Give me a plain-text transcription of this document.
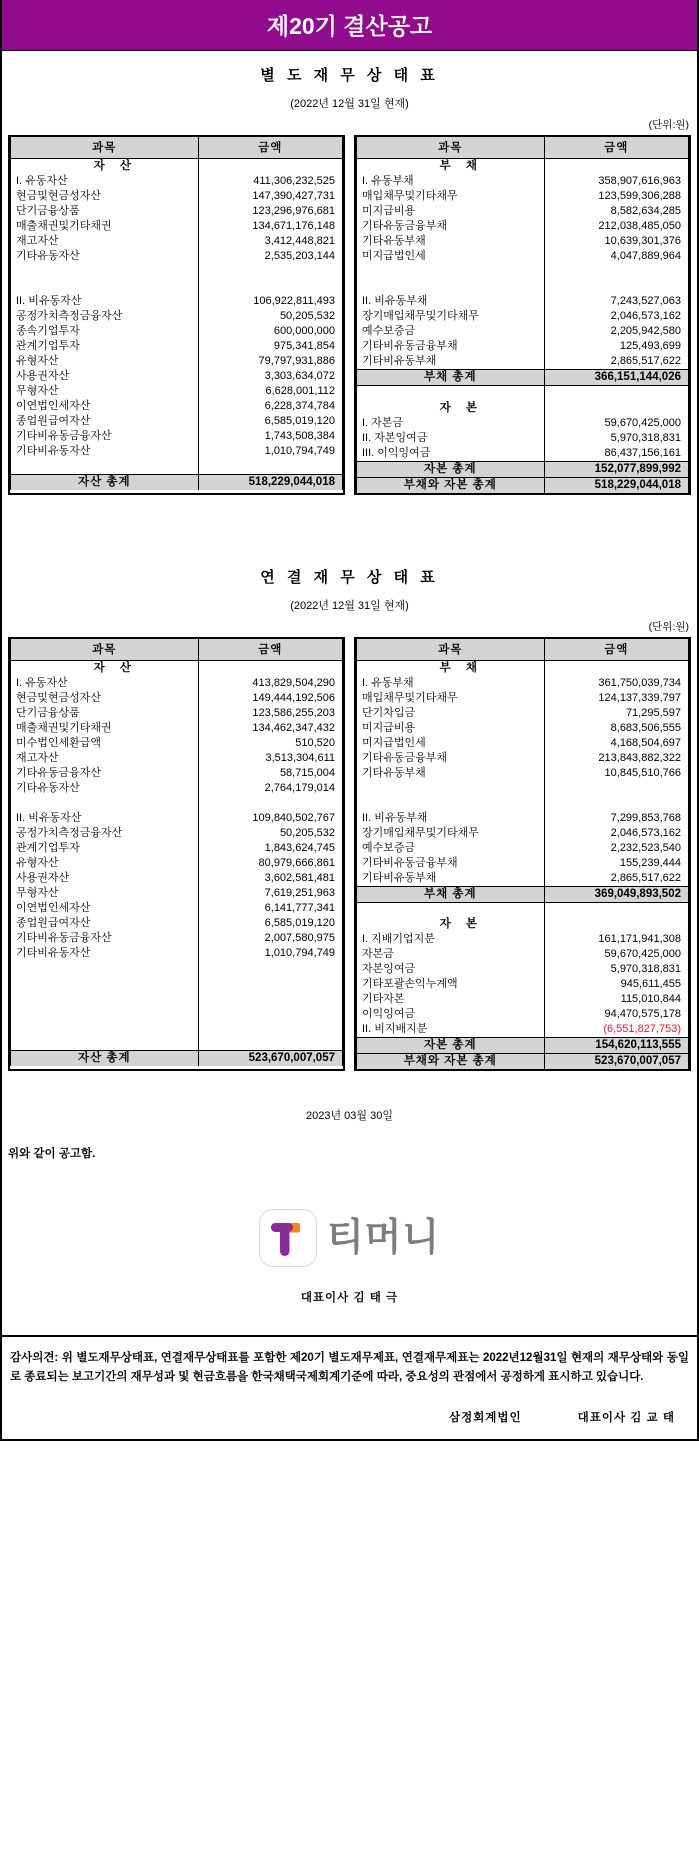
제20기 결산공고
별 도 재 무 상 태 표
(2022년 12월 31일 현재)
(단위:원)
과목	금액
자 산	
I. 유동자산	411,306,232,525
현금및현금성자산	147,390,427,731
단기금융상품	123,296,976,681
매출채권및기타채권	134,671,176,148
재고자산	3,412,448,821
기타유동자산	2,535,203,144

II. 비유동자산	106,922,811,493
공정가치측정금융자산	50,205,532
종속기업투자	600,000,000
관계기업투자	975,341,854
유형자산	79,797,931,886
사용권자산	3,303,634,072
무형자산	6,628,001,112
이연법인세자산	6,228,374,784
종업원급여자산	6,585,019,120
기타비유동금융자산	1,743,508,384
기타비유동자산	1,010,794,749

자산 총계	518,229,044,018
과목	금액
부 채	
I. 유동부채	358,907,616,963
매입채무및기타채무	123,599,306,288
미지급비용	8,582,634,285
기타유동금융부채	212,038,485,050
기타유동부채	10,639,301,376
미지급법인세	4,047,889,964

II. 비유동부채	7,243,527,063
장기매입채무및기타채무	2,046,573,162
예수보증금	2,205,942,580
기타비유동금융부채	125,493,699
기타비유동부채	2,865,517,622
부채 총계	366,151,144,026

자 본	
I. 자본금	59,670,425,000
II. 자본잉여금	5,970,318,831
III. 이익잉여금	86,437,156,161
자본 총계	152,077,899,992
부채와 자본 총계	518,229,044,018
연 결 재 무 상 태 표
(2022년 12월 31일 현재)
(단위:원)
과목	금액
자 산	
I. 유동자산	413,829,504,290
현금및현금성자산	149,444,192,506
단기금융상품	123,586,255,203
매출채권및기타채권	134,462,347,432
미수법인세환급액	510,520
재고자산	3,513,304,611
기타유동금융자산	58,715,004
기타유동자산	2,764,179,014

II. 비유동자산	109,840,502,767
공정가치측정금융자산	50,205,532
관계기업투자	1,843,624,745
유형자산	80,979,666,861
사용권자산	3,602,581,481
무형자산	7,619,251,963
이연법인세자산	6,141,777,341
종업원급여자산	6,585,019,120
기타비유동금융자산	2,007,580,975
기타비유동자산	1,010,794,749

자산 총계	523,670,007,057
과목	금액
부 채	
I. 유동부채	361,750,039,734
매입채무및기타채무	124,137,339,797
단기차입금	71,295,597
미지급비용	8,683,506,555
미지급법인세	4,168,504,697
기타유동금융부채	213,843,882,322
기타유동부채	10,845,510,766

II. 비유동부채	7,299,853,768
장기매입채무및기타채무	2,046,573,162
예수보증금	2,232,523,540
기타비유동금융부채	155,239,444
기타비유동부채	2,865,517,622
부채 총계	369,049,893,502

자 본	
I. 지배기업지분	161,171,941,308
자본금	59,670,425,000
자본잉여금	5,970,318,831
기타포괄손익누계액	945,611,455
기타자본	115,010,844
이익잉여금	94,470,575,178
II. 비지배지분	(6,551,827,753)
자본 총계	154,620,113,555
부채와 자본 총계	523,670,007,057
2023년 03월 30일
위와 같이 공고함.
티머니
대표이사 김 태 극
감사의견: 위 별도재무상태표, 연결재무상태표를 포함한 제20기 별도재무제표, 연결재무제표는 2022년12월31일 현재의 재무상태와 동일로 종료되는 보고기간의 재무성과 및 현금흐름을 한국채택국제회계기준에 따라, 중요성의 관점에서 공정하게 표시하고 있습니다.
삼정회계법인	대표이사 김 교 태
